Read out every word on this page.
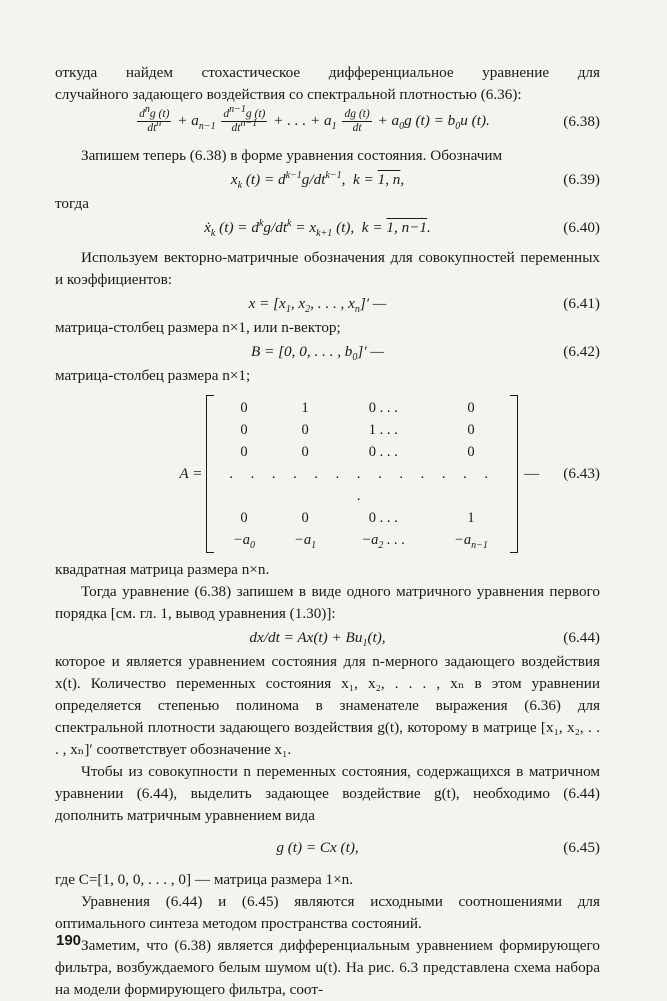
откуда найдем стохастическое дифференциальное уравнение для

случайного задающего воздействия со спектральной плотностью (6.36):

$\frac{d^ng (t)}{dt^n} + a_{n-1} \frac{d^{n-1}g (t)}{dt^{n-1}}$ + . . . + $a_1 \frac{dg (t)}{dt} + a_0g$ $(t) = b_0u$ (t).	(6.38)

Запишем теперь (6.38) в форме уравнения состояния. Обозначим

$x_k$ $(t) = d^{k-1}g/dt^{k-1}$,  k = 1, n,	(6.39)

тогда

ẋ$_k$ $(t) = d^kg/dt^k = x_{k+1}$ (t),  k = 1, n−1.	(6.40)

Используем векторно-матричные обозначения для совокупностей переменных и коэффициентов:

$x = [x_1$, $x_2$, . . . , $x_n]'$ —	(6.41)

матрица-столбец размера n×1, или n-вектор;

B = [0, 0, . . . , $b_0]'$ —	(6.42)

матрица-столбец размера n×1;

A =
0	1	0 . . .	0
0	0	1 . . .	0
0	0	0 . . .	0
. . . . . . . . . . . . . .			
0	0	0 . . .	1
$-a_0$	$-a_1$	$-a_2$ . . .	$-a_{n-1}$
—	(6.43)

квадратная матрица размера n×n.

Тогда уравнение (6.38) запишем в виде одного матричного уравнения первого порядка [см. гл. 1, вывод уравнения (1.30)]:

$dx/dt = Ax(t) + Bu_1(t)$,	(6.44)

которое и является уравнением состояния для n-мерного задающего воздействия x(t). Количество переменных состояния x₁, x₂, . . . , xₙ в этом уравнении определяется степенью полинома в знаменателе выражения (6.36) для спектральной плотности задающего воздействия g(t), которому в матрице [x₁, x₂, . . . , xₙ]′ соответствует обозначение x₁.

Чтобы из совокупности n переменных состояния, содержащихся в матричном уравнении (6.44), выделить задающее воздействие g(t), необходимо (6.44) дополнить матричным уравнением вида

g (t) = Cx (t),	(6.45)

где C=[1, 0, 0, . . . , 0] — матрица размера 1×n.

Уравнения (6.44) и (6.45) являются исходными соотношениями для оптимального синтеза методом пространства состояний.

Заметим, что (6.38) является дифференциальным уравнением формирующего фильтра, возбуждаемого белым шумом u(t). На рис. 6.3 представлена схема набора на модели формирующего фильтра, соот-

190
